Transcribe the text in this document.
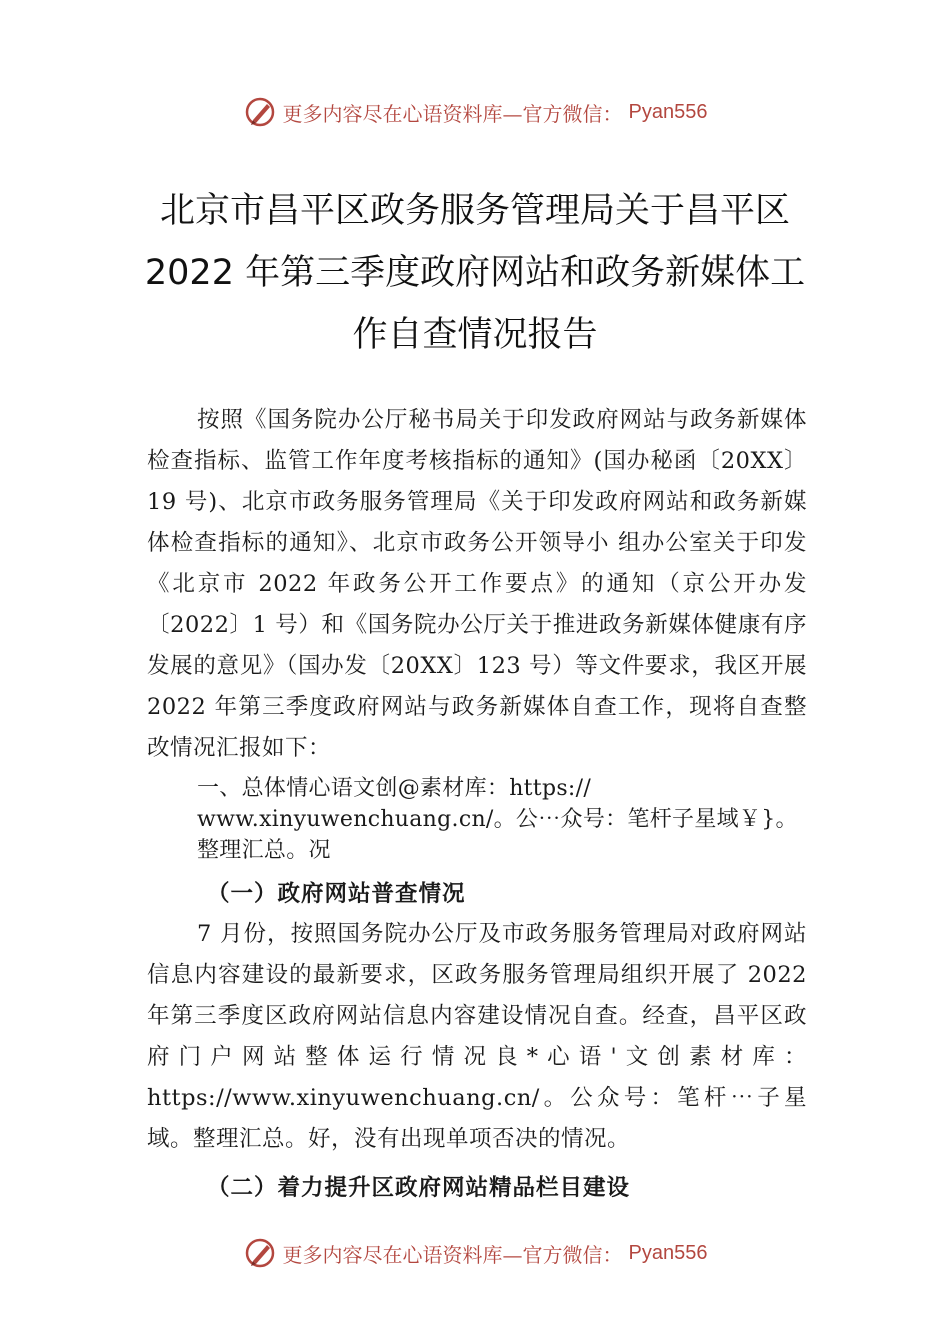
更多内容尽在心语资料库—官方微信： Pyan556
北京市昌平区政务服务管理局关于昌平区
2022 年第三季度政府网站和政务新媒体工
作自查情况报告

按照《国务院办公厅秘书局关于印发政府网站与政务新媒体检查指标、监管工作年度考核指标的通知》(国办秘函〔20XX〕19 号)、北京市政务服务管理局《关于印发政府网站和政务新媒体检查指标的通知》、北京市政务公开领导小 组办公室关于印发《北京市 2022 年政务公开工作要点》的通知（京公开办发〔2022〕1 号）和《国务院办公厅关于推进政务新媒体健康有序发展的意见》（国办发〔20XX〕123 号）等文件要求，我区开展 2022 年第三季度政府网站与政务新媒体自查工作，现将自查整改情况汇报如下：

一、总体情心语文创@素材库：https:// www.xinyuwenchuang.cn/。公⋯众号：笔杆子星域￥}。整理汇总。况

（一）政府网站普查情况

7 月份，按照国务院办公厅及市政务服务管理局对政府网站信息内容建设的最新要求，区政务服务管理局组织开展了 2022 年第三季度区政府网站信息内容建设情况自查。经查，昌平区政府门户网站整体运行情况良*心语'文创素材库：https://www.xinyuwenchuang.cn/。公众号：笔杆⋯子星域。整理汇总。好，没有出现单项否决的情况。

（二）着力提升区政府网站精品栏目建设
更多内容尽在心语资料库—官方微信： Pyan556
